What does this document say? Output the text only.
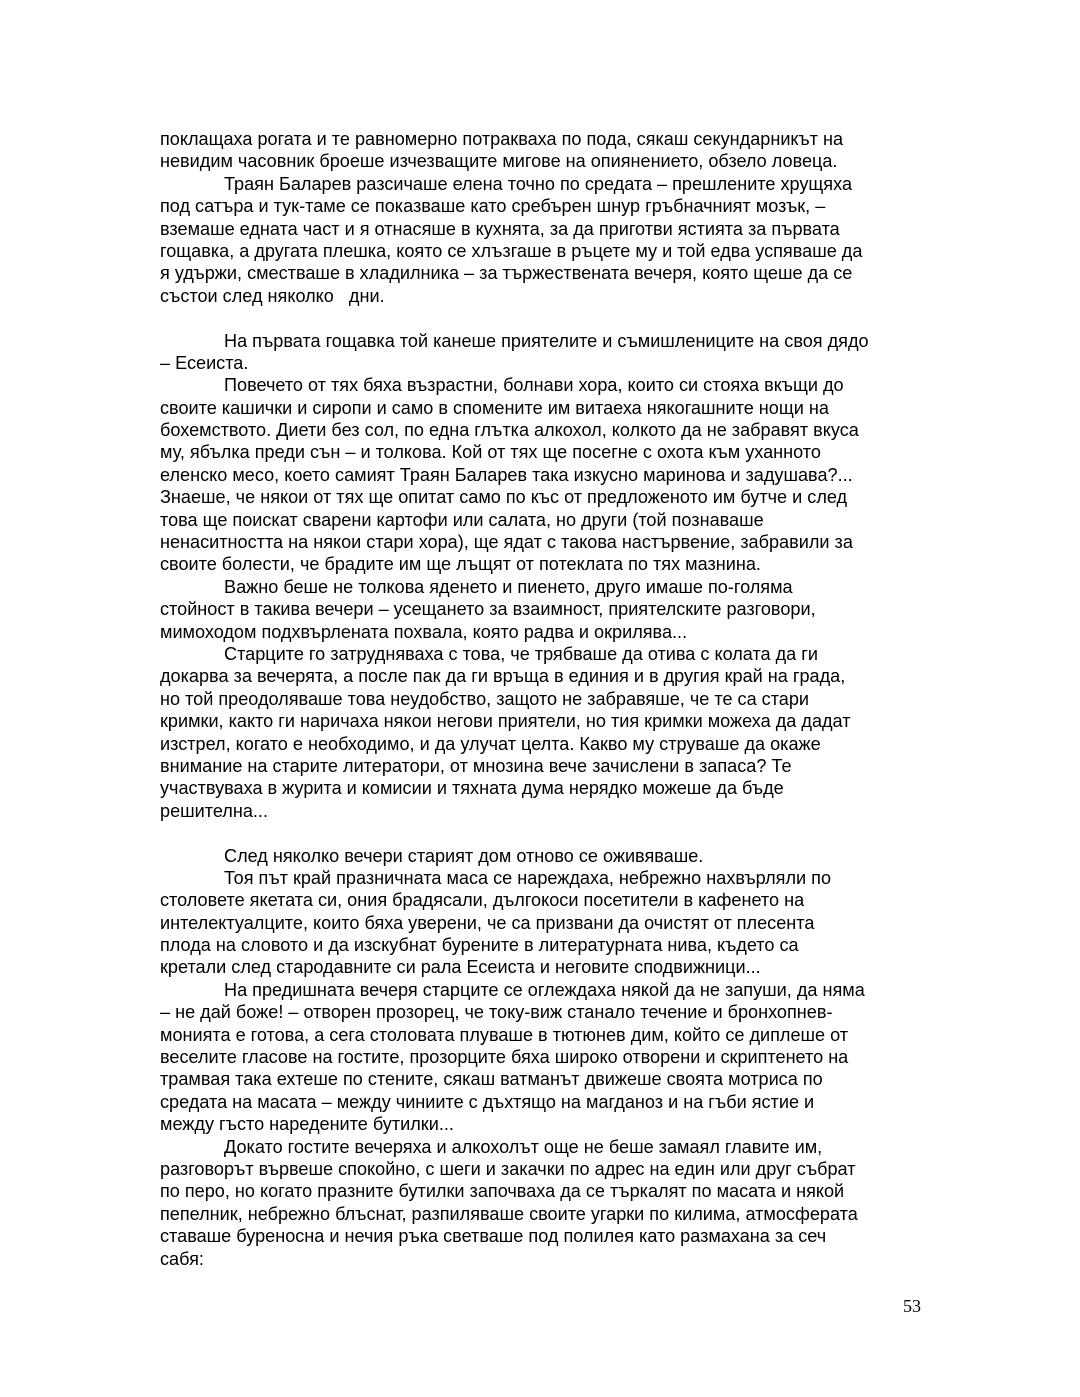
поклащаха рогата и те равномерно потракваха по пода, сякаш секундарникът на
невидим часовник броеше изчезващите мигове на опиянението, обзело ловеца.
Траян Баларев разсичаше елена точно по средата – прешлените хрущяха
под сатъра и тук-таме се показваше като сребърен шнур гръбначният мозък, –
вземаше едната част и я отнасяше в кухнята, за да приготви ястията за първата
гощавка, а другата плешка, която се хлъзгаше в ръцете му и той едва успяваше да
я удържи, сместваше в хладилника – за тържествената вечеря, която щеше да се
състои след няколко   дни.
На първата гощавка той канеше приятелите и съмишлениците на своя дядо
– Есеиста.
Повечето от тях бяха възрастни, болнави хора, които си стояха вкъщи до
своите кашички и сиропи и само в спомените им витаеха някогашните нощи на
бохемството. Диети без сол, по една глътка алкохол, колкото да не забравят вкуса
му, ябълка преди сън – и толкова. Кой от тях ще посегне с охота към уханното
еленско месо, което самият Траян Баларев така изкусно маринова и задушава?...
Знаеше, че някои от тях ще опитат само по къс от предложеното им бутче и след
това ще поискат сварени картофи или салата, но други (той познаваше
ненаситността на някои стари хора), ще ядат с такова настървение, забравили за
своите болести, че брадите им ще лъщят от потеклата по тях мазнина.
Важно беше не толкова яденето и пиенето, друго имаше по-голяма
стойност в такива вечери – усещането за взаимност, приятелските разговори,
мимоходом подхвърлената похвала, която радва и окрилява...
Старците го затрудняваха с това, че трябваше да отива с колата да ги
докарва за вечерята, а после пак да ги връща в единия и в другия край на града,
но той преодоляваше това неудобство, защото не забравяше, че те са стари
кримки, както ги наричаха някои негови приятели, но тия кримки можеха да дадат
изстрел, когато е необходимо, и да улучат целта. Какво му струваше да окаже
внимание на старите литератори, от мнозина вече зачислени в запаса? Те
участвуваха в журита и комисии и тяхната дума нерядко можеше да бъде
решителна...
След няколко вечери старият дом отново се оживяваше.
Тоя път край празничната маса се нареждаха, небрежно нахвърляли по
столовете якетата си, ония брадясали, дългокоси посетители в кафенето на
интелектуалците, които бяха уверени, че са призвани да очистят от плесента
плода на словото и да изскубнат бурените в литературната нива, където са
кретали след стародавните си рала Есеиста и неговите сподвижници...
На предишната вечеря старците се оглеждаха някой да не запуши, да няма
– не дай боже! – отворен прозорец, че току-виж станало течение и бронхопнев-
монията е готова, а сега столовата плуваше в тютюнев дим, който се диплеше от
веселите гласове на гостите, прозорците бяха широко отворени и скриптенето на
трамвая така ехтеше по стените, сякаш ватманът движеше своята мотриса по
средата на масата – между чиниите с дъхтящо на магданоз и на гъби ястие и
между гъсто наредените бутилки...
Докато гостите вечеряха и алкохолът още не беше замаял главите им,
разговорът вървеше спокойно, с шеги и закачки по адрес на един или друг събрат
по перо, но когато празните бутилки започваха да се търкалят по масата и някой
пепелник, небрежно блъснат, разпиляваше своите угарки по килима, атмосферата
ставаше буреносна и нечия ръка светваше под полилея като размахана за сеч
сабя:
53
